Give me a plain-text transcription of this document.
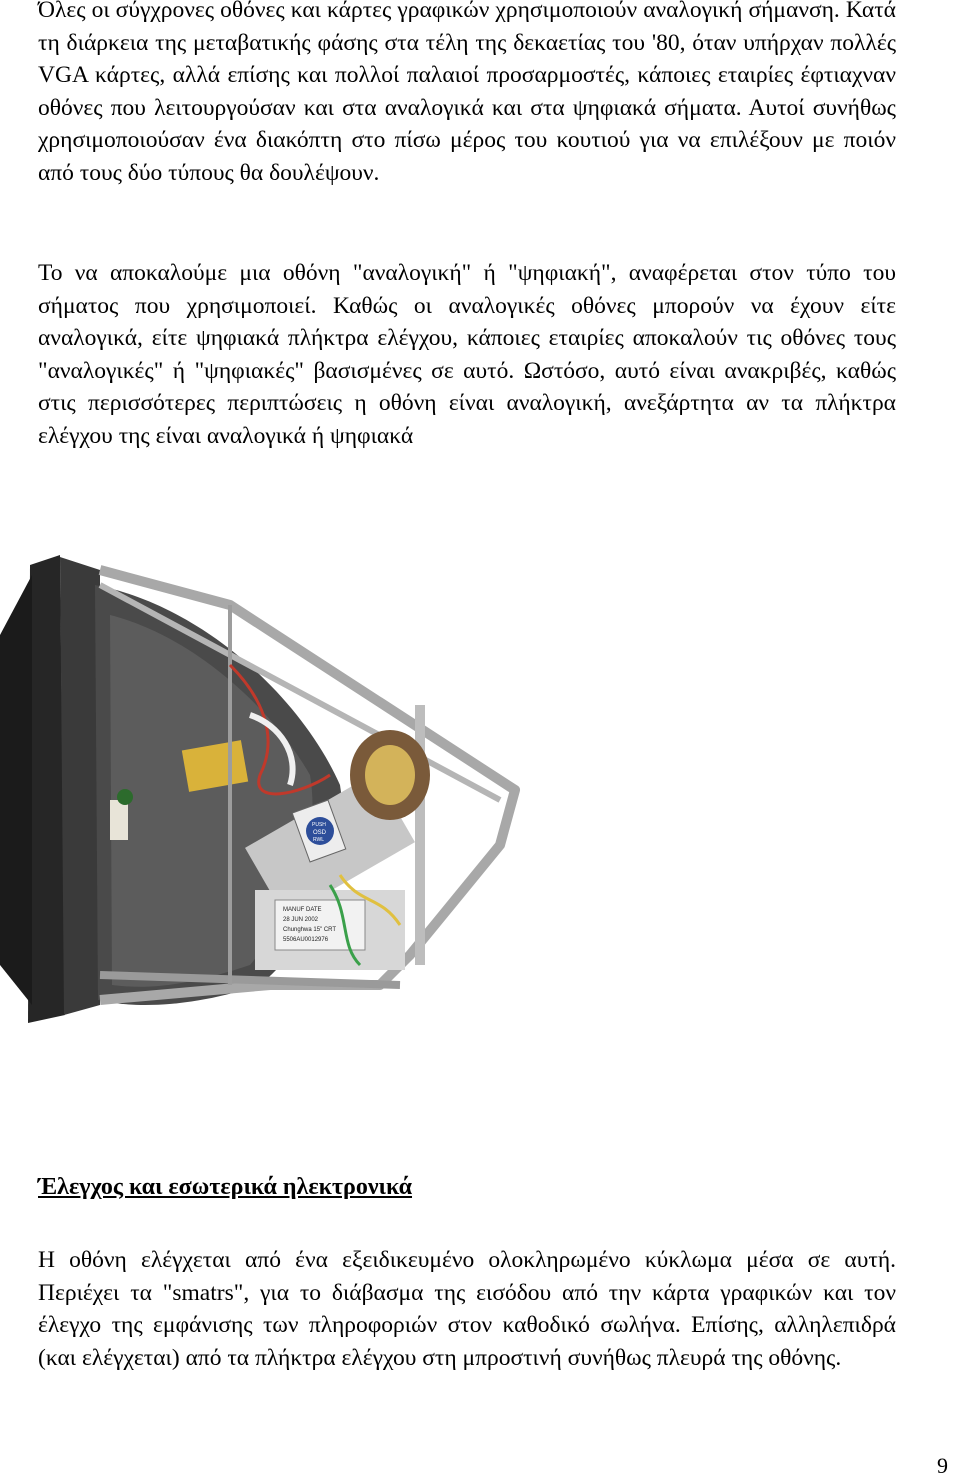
Όλες οι σύγχρονες οθόνες και κάρτες γραφικών χρησιμοποιούν αναλογική σήμανση. Κατά τη διάρκεια της μεταβατικής φάσης στα τέλη της δεκαετίας του '80, όταν υπήρχαν πολλές VGA κάρτες, αλλά επίσης και πολλοί παλαιοί προσαρμοστές, κάποιες εταιρίες έφτιαχναν οθόνες που λειτουργούσαν και στα αναλογικά και στα ψηφιακά σήματα. Αυτοί συνήθως χρησιμοποιούσαν ένα διακόπτη στο πίσω μέρος του κουτιού για να επιλέξουν με ποιόν από τους δύο τύπους θα δουλέψουν.

Το να αποκαλούμε μια οθόνη "αναλογική" ή "ψηφιακή", αναφέρεται στον τύπο του σήματος που χρησιμοποιεί. Καθώς οι αναλογικές οθόνες μπορούν να έχουν είτε αναλογικά, είτε ψηφιακά πλήκτρα ελέγχου, κάποιες εταιρίες αποκαλούν τις οθόνες τους "αναλογικές" ή "ψηφιακές" βασισμένες σε αυτό. Ωστόσο, αυτό είναι ανακριβές, καθώς στις περισσότερες περιπτώσεις η οθόνη είναι αναλογική, ανεξάρτητα αν τα πλήκτρα ελέγχου της είναι αναλογικά ή ψηφιακά

MANUF DATE
28 JUN 2002
Chunghwa 15" CRT
5506AU0012976
PUSH
OSD
RWL
Έλεγχος και εσωτερικά ηλεκτρονικά

Η οθόνη ελέγχεται από ένα εξειδικευμένο ολοκληρωμένο κύκλωμα μέσα σε αυτή. Περιέχει τα "smatrs", για το διάβασμα της εισόδου από την κάρτα γραφικών και τον έλεγχο της εμφάνισης των πληροφοριών στον καθοδικό σωλήνα. Επίσης, αλληλεπιδρά (και ελέγχεται) από τα πλήκτρα ελέγχου στη μπροστινή συνήθως πλευρά της οθόνης.

9
